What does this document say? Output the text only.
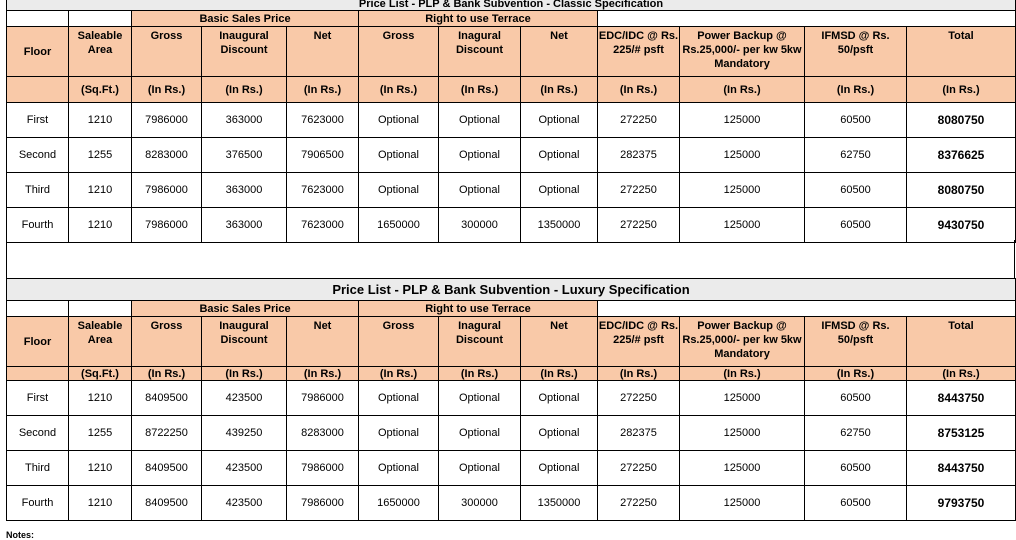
Price List - PLP & Bank Subvention - Classic Specification											
		Basic Sales Price			Right to use Terrace						
Floor	Saleable Area	Gross	Inaugural Discount	Net	Gross	Inagural Discount	Net	EDC/IDC @ Rs. 225/# psft	Power Backup @ Rs.25,000/- per kw 5kw Mandatory	IFMSD @ Rs. 50/psft	Total
	(Sq.Ft.)	(In Rs.)	(In Rs.)	(In Rs.)	(In Rs.)	(In Rs.)	(In Rs.)	(In Rs.)	(In Rs.)	(In Rs.)	(In Rs.)
First	1210	7986000	363000	7623000	Optional	Optional	Optional	272250	125000	60500	8080750
Second	1255	8283000	376500	7906500	Optional	Optional	Optional	282375	125000	62750	8376625
Third	1210	7986000	363000	7623000	Optional	Optional	Optional	272250	125000	60500	8080750
Fourth	1210	7986000	363000	7623000	1650000	300000	1350000	272250	125000	60500	9430750
Price List - PLP & Bank Subvention - Luxury Specification											
		Basic Sales Price			Right to use Terrace						
Floor	Saleable Area	Gross	Inaugural Discount	Net	Gross	Inagural Discount	Net	EDC/IDC @ Rs. 225/# psft	Power Backup @ Rs.25,000/- per kw 5kw Mandatory	IFMSD @ Rs. 50/psft	Total
	(Sq.Ft.)	(In Rs.)	(In Rs.)	(In Rs.)	(In Rs.)	(In Rs.)	(In Rs.)	(In Rs.)	(In Rs.)	(In Rs.)	(In Rs.)
First	1210	8409500	423500	7986000	Optional	Optional	Optional	272250	125000	60500	8443750
Second	1255	8722250	439250	8283000	Optional	Optional	Optional	282375	125000	62750	8753125
Third	1210	8409500	423500	7986000	Optional	Optional	Optional	272250	125000	60500	8443750
Fourth	1210	8409500	423500	7986000	1650000	300000	1350000	272250	125000	60500	9793750
Notes:
